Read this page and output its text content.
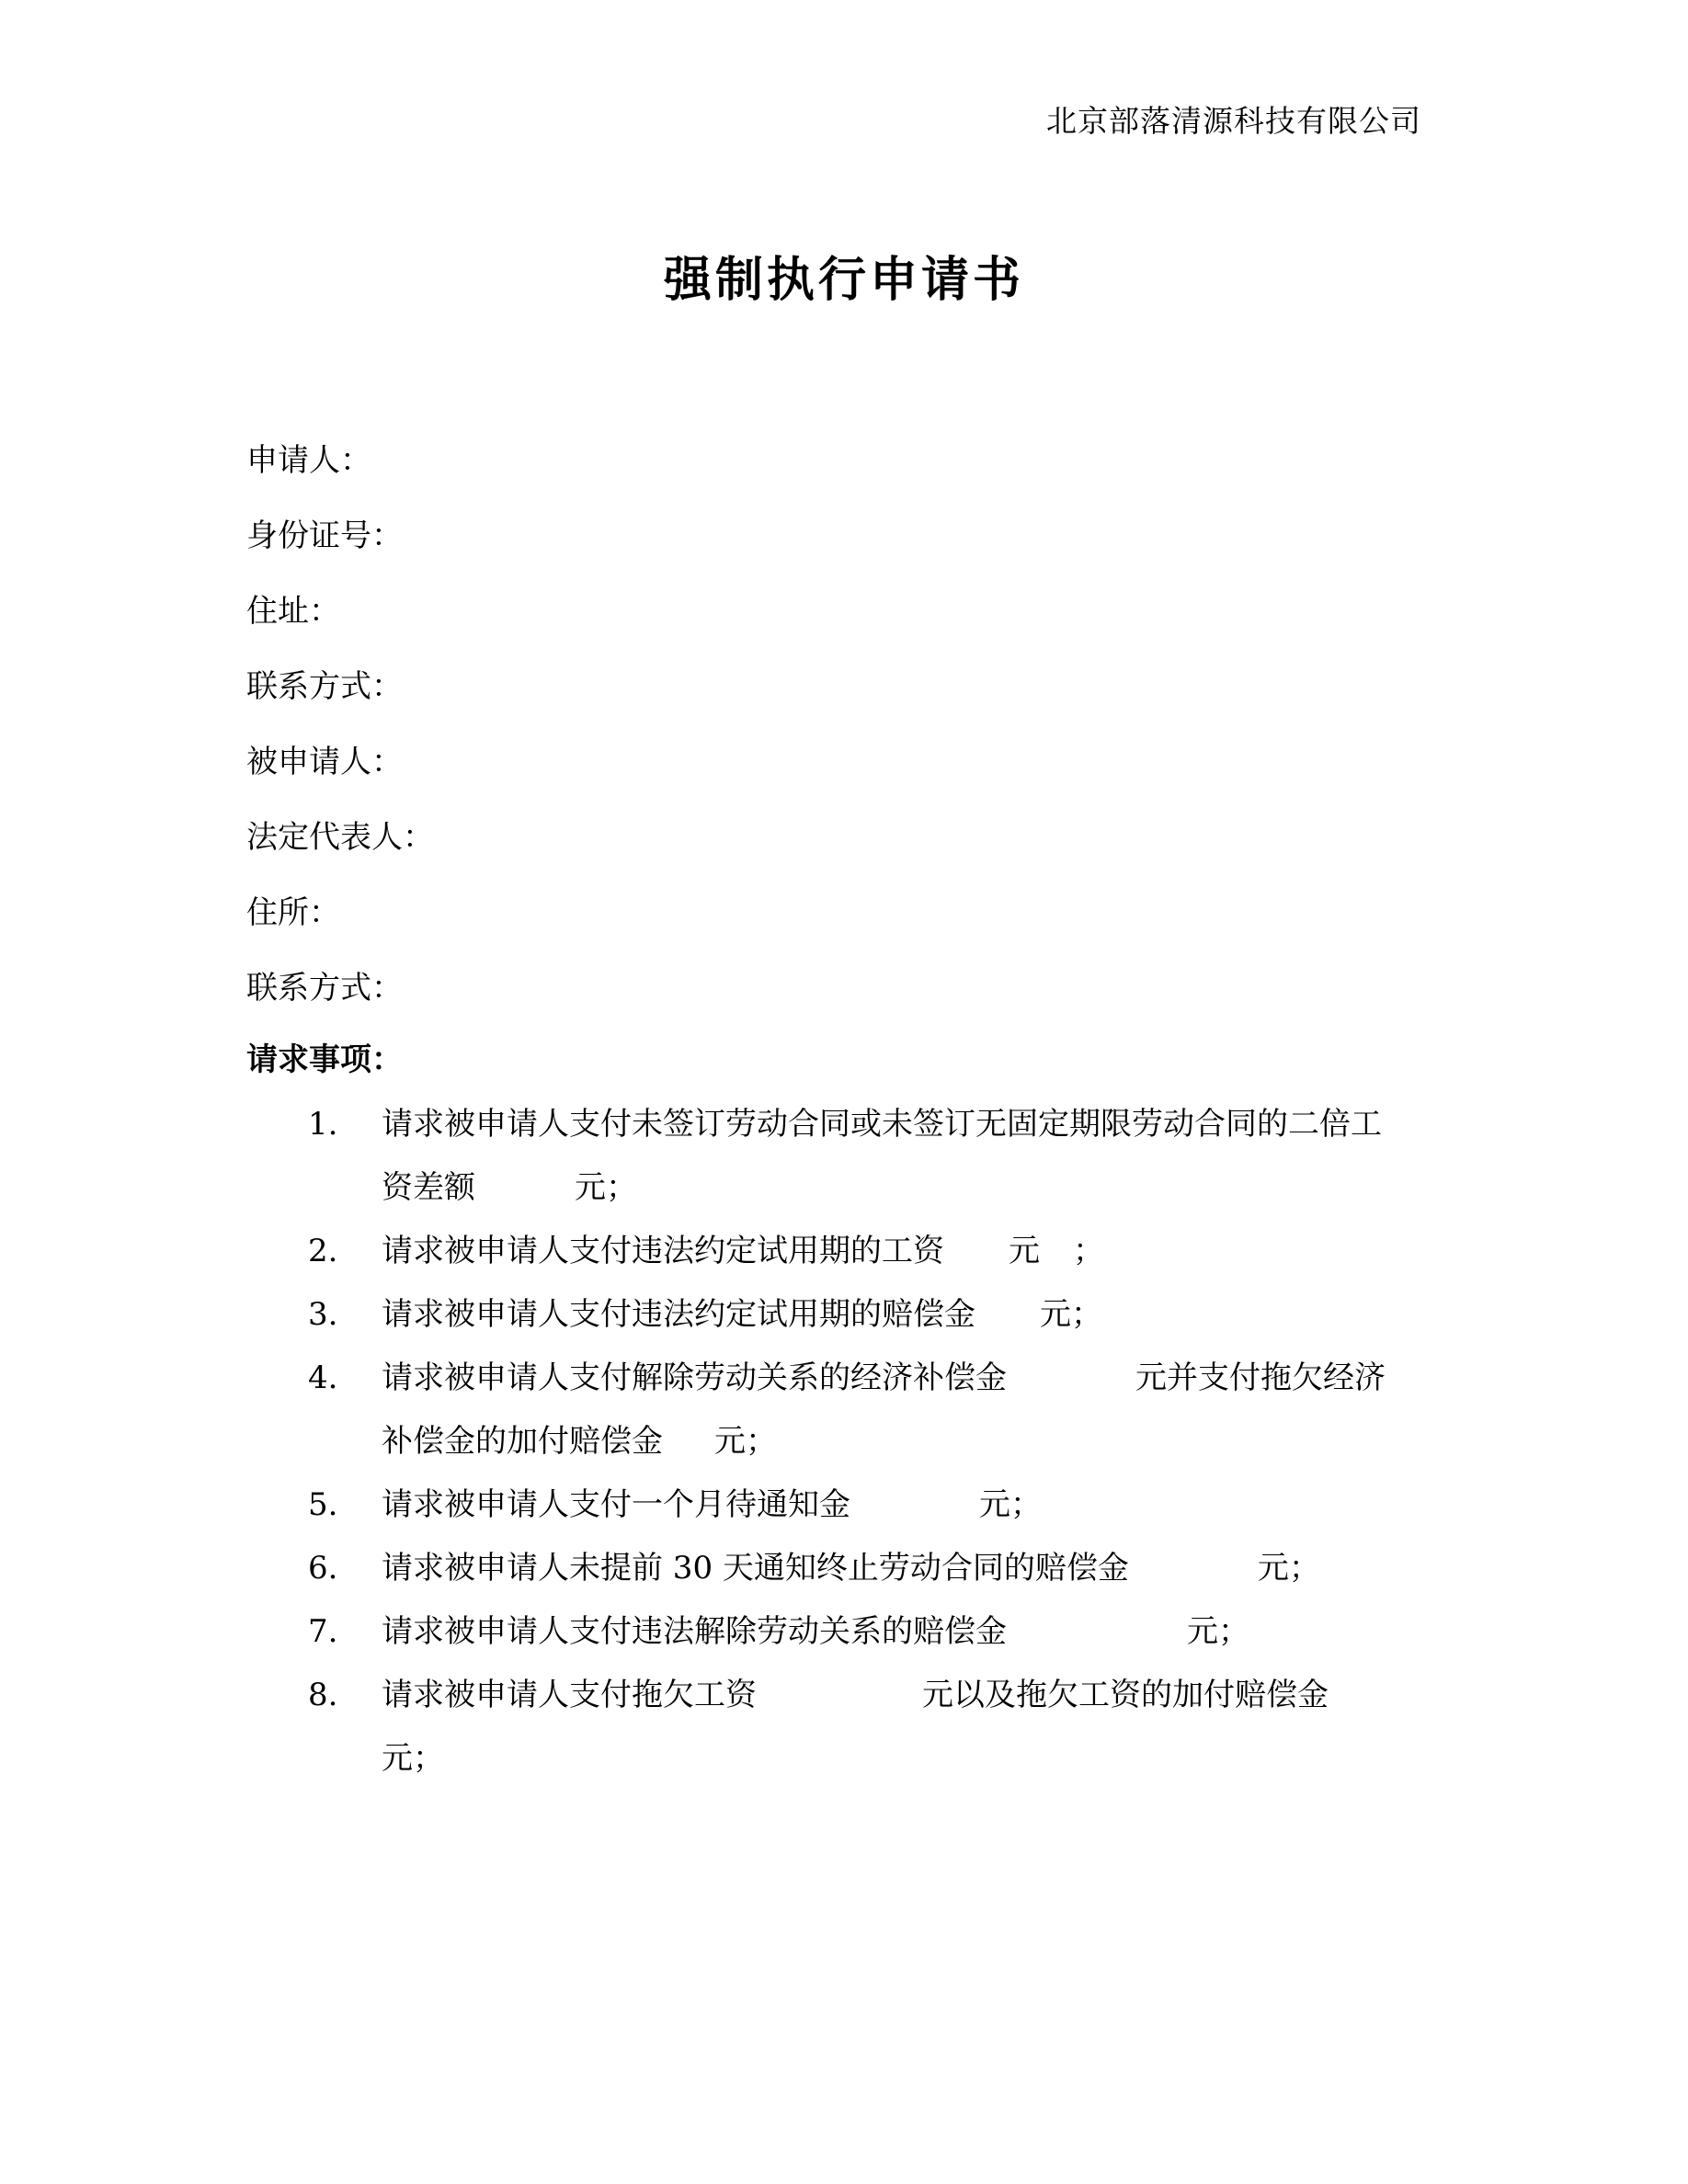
北京部落清源科技有限公司
强制执行申请书
申请人：
身份证号：
住址：
联系方式：
被申请人：
法定代表人：
住所：
联系方式：
请求事项：
1.	请求被申请人支付未签订劳动合同或未签订无固定期限劳动合同的二倍工
资差额	元；
2.	请求被申请人支付违法约定试用期的工资 元 ；
3.	请求被申请人支付违法约定试用期的赔偿金 元；
4.	请求被申请人支付解除劳动关系的经济补偿金	元并支付拖欠经济
补偿金的加付赔偿金 元；
5.	请求被申请人支付一个月待通知金	元；
6.	请求被申请人未提前 30 天通知终止劳动合同的赔偿金	元；
7.	请求被申请人支付违法解除劳动关系的赔偿金	元；
8.	请求被申请人支付拖欠工资	元以及拖欠工资的加付赔偿金
元；
